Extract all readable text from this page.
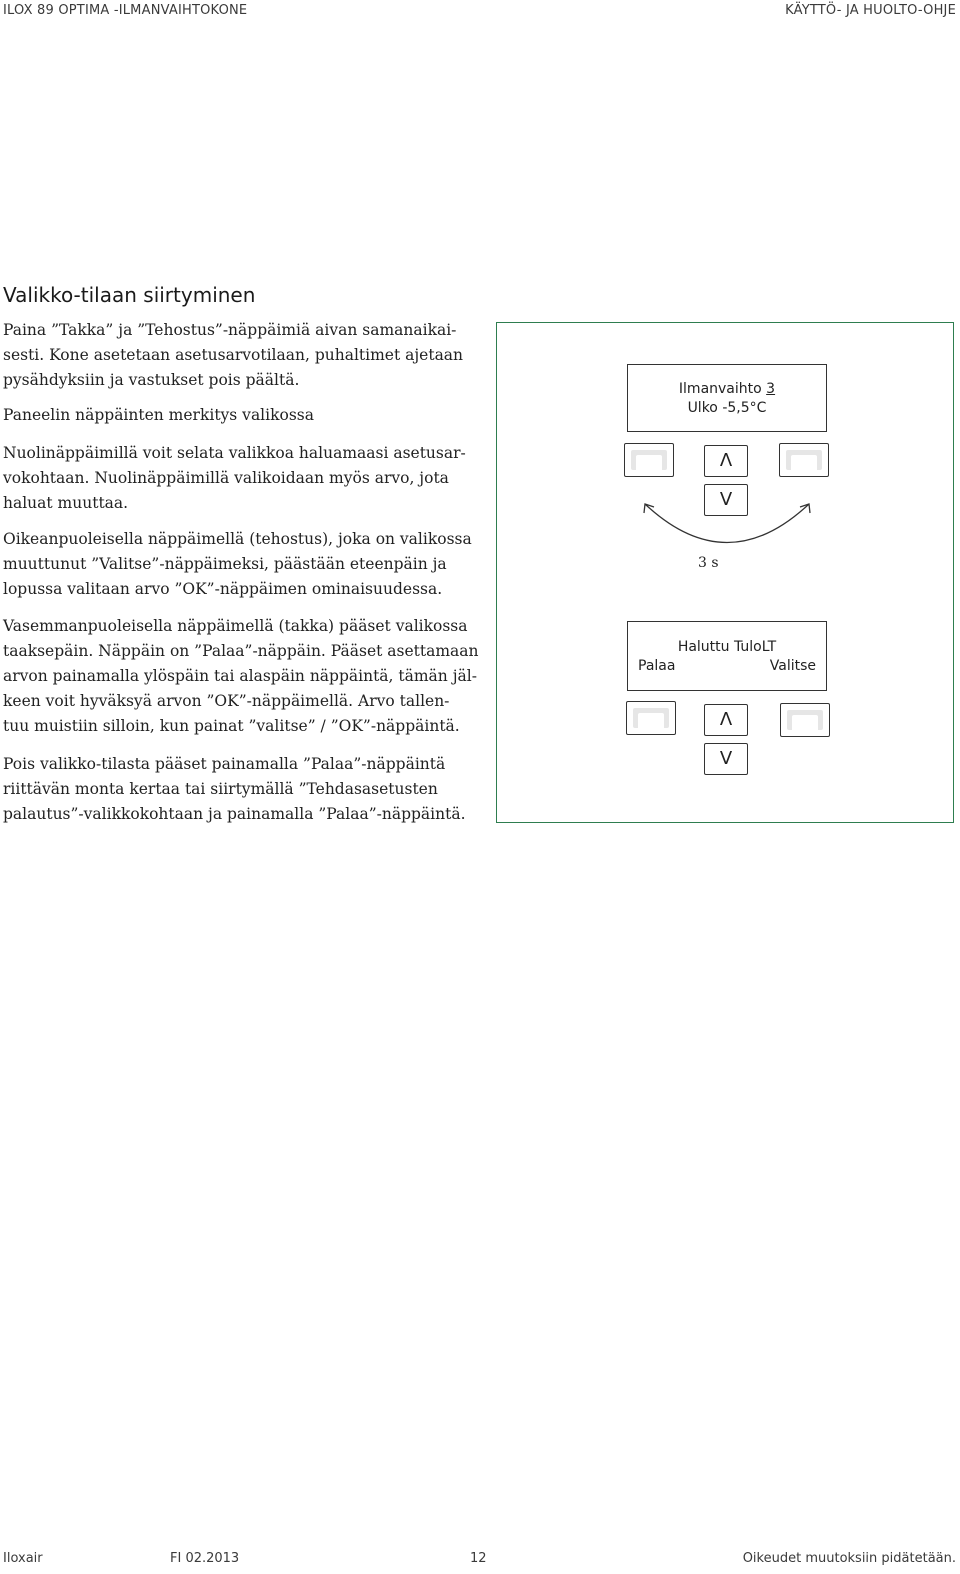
ILOX 89 OPTIMA -ILMANVAIHTOKONE	KÄYTTÖ- JA HUOLTO-OHJE
Valikko-tilaan siirtyminen
Paina ”Takka” ja ”Tehostus”-näppäimiä aivan samanaikai-
sesti. Kone asetetaan asetusarvotilaan, puhaltimet ajetaan
pysähdyksiin ja vastukset pois päältä.
Paneelin näppäinten merkitys valikossa
Nuolinäppäimillä voit selata valikkoa haluamaasi asetusar-
vokohtaan. Nuolinäppäimillä valikoidaan myös arvo, jota
haluat muuttaa.
Oikeanpuoleisella näppäimellä (tehostus), joka on valikossa
muuttunut ”Valitse”-näppäimeksi, päästään eteenpäin ja
lopussa valitaan arvo ”OK”-näppäimen ominaisuudessa.
Vasemmanpuoleisella näppäimellä (takka) pääset valikossa
taaksepäin. Näppäin on ”Palaa”-näppäin. Pääset asettamaan
arvon painamalla ylöspäin tai alaspäin näppäintä, tämän jäl-
keen voit hyväksyä arvon ”OK”-näppäimellä. Arvo tallen-
tuu muistiin silloin, kun painat ”valitse” / ”OK”-näppäintä.
Pois valikko-tilasta pääset painamalla ”Palaa”-näppäintä
riittävän monta kertaa tai siirtymällä ”Tehdasasetusten
palautus”-valikkokohtaan ja painamalla ”Palaa”-näppäintä.
Ilmanvaihto 3
Ulko -5,5°C
Λ
V
3 s
Haluttu TuloLT
Palaa	Valitse
Λ
V
Iloxair	FI 02.2013	12	Oikeudet muutoksiin pidätetään.
